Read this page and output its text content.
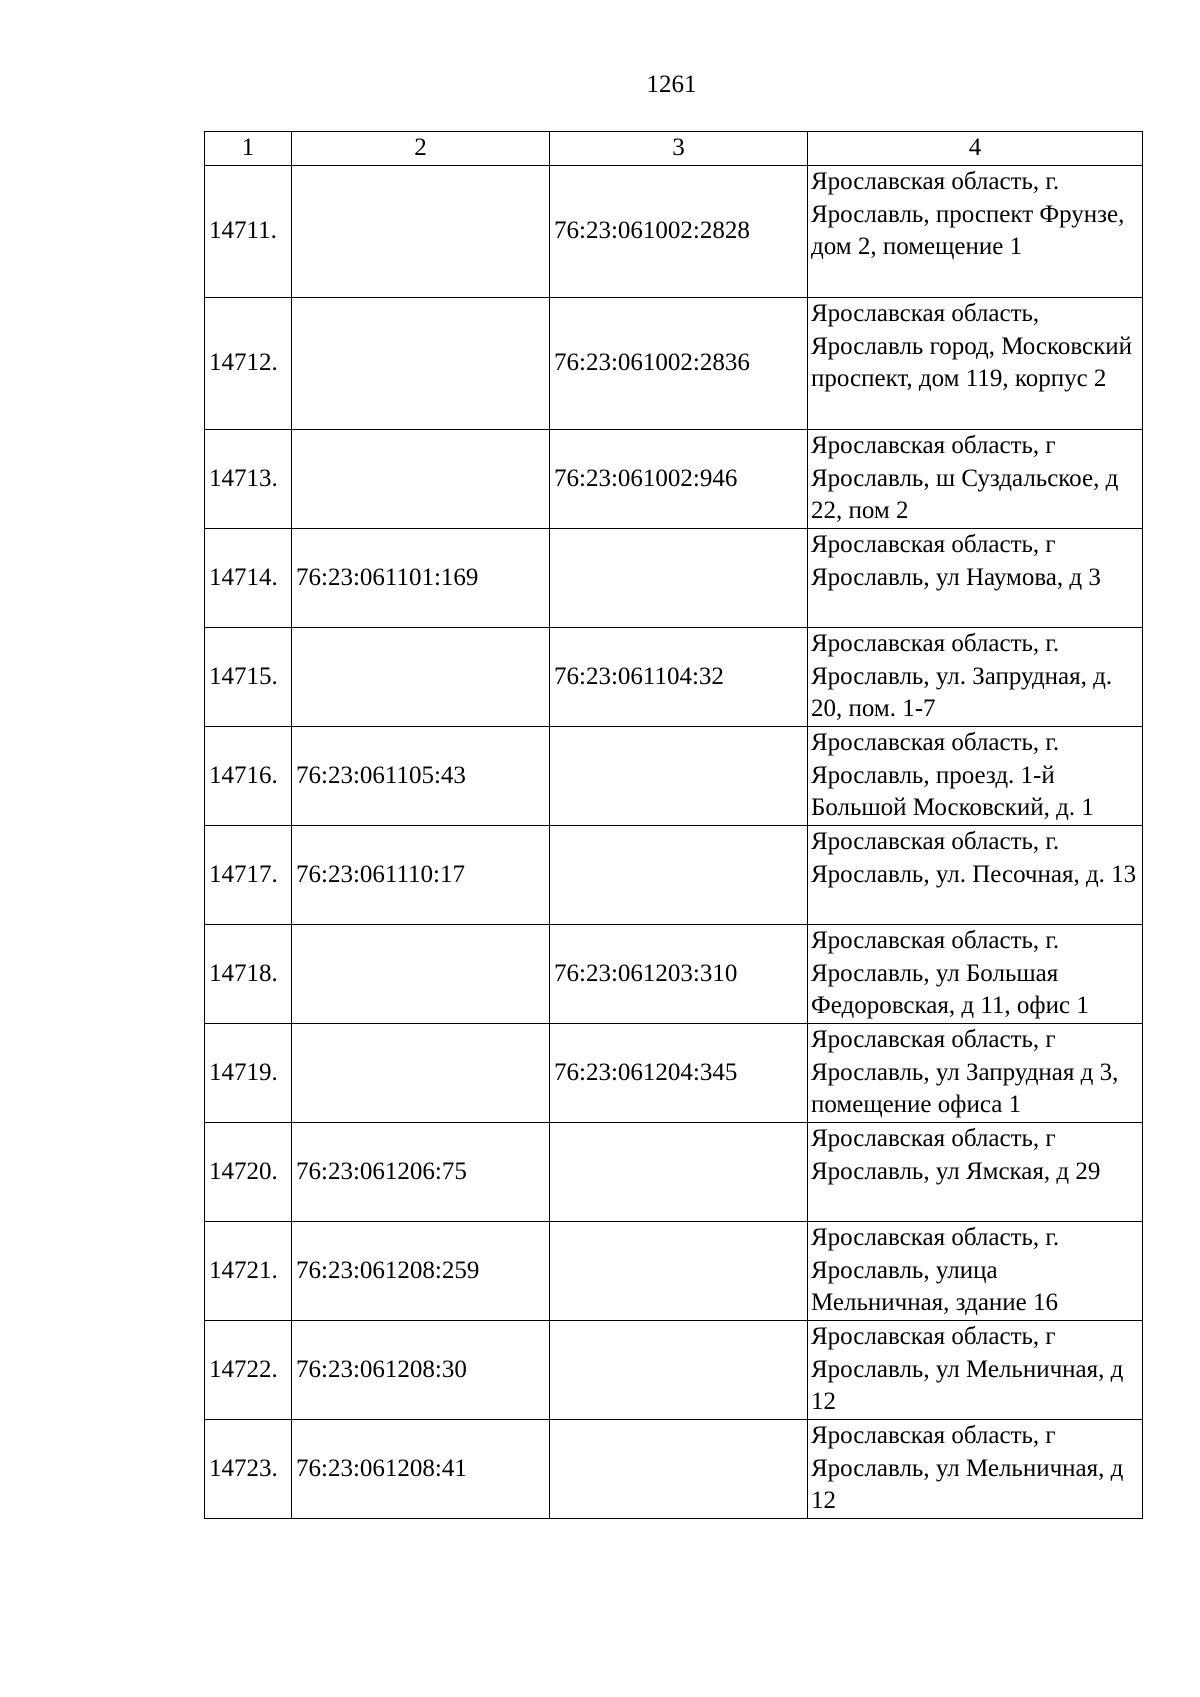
1261
1	2	3	4
14711.		76:23:061002:2828	Ярославская область, г. Ярославль, проспект Фрунзе, дом 2, помещение 1
14712.		76:23:061002:2836	Ярославская область, Ярославль город, Московский проспект, дом 119, корпус 2
14713.		76:23:061002:946	Ярославская область, г Ярославль, ш Суздальское, д 22, пом 2
14714.	76:23:061101:169		Ярославская область, г Ярославль, ул Наумова, д 3
14715.		76:23:061104:32	Ярославская область, г. Ярославль, ул. Запрудная, д. 20, пом. 1-7
14716.	76:23:061105:43		Ярославская область, г. Ярославль, проезд. 1-й Большой Московский, д. 1
14717.	76:23:061110:17		Ярославская область, г. Ярославль, ул. Песочная, д. 13
14718.		76:23:061203:310	Ярославская область, г. Ярославль, ул Большая Федоровская, д 11, офис 1
14719.		76:23:061204:345	Ярославская область, г Ярославль, ул Запрудная д 3, помещение офиса 1
14720.	76:23:061206:75		Ярославская область, г Ярославль, ул Ямская, д 29
14721.	76:23:061208:259		Ярославская область, г. Ярославль, улица Мельничная, здание 16
14722.	76:23:061208:30		Ярославская область, г Ярославль, ул Мельничная, д 12
14723.	76:23:061208:41		Ярославская область, г Ярославль, ул Мельничная, д 12
